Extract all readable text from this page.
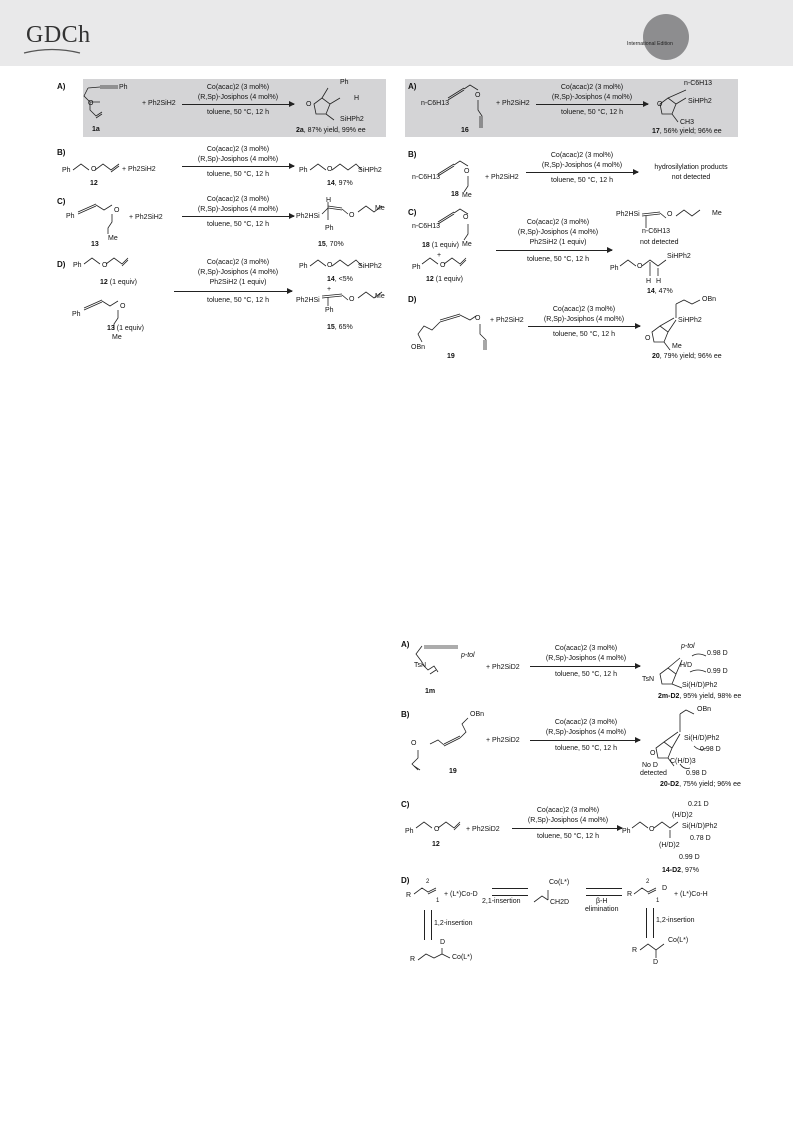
GDCh	International Edition
A)	Ph
O
1a
+ Ph2SiH2
Co(acac)2 (3 mol%)
(R,Sp)-Josiphos (4 mol%)
toluene, 50 °C, 12 h
Ph
H
O
SiHPh2
2a, 87% yield, 99% ee
B)
Ph	O
12
+ Ph2SiH2
Co(acac)2 (3 mol%)
(R,Sp)-Josiphos (4 mol%)
toluene, 50 °C, 12 h
Ph	O	SiHPh2
14, 97%
C)
Ph
O
Me
13
+ Ph2SiH2
Co(acac)2 (3 mol%)
(R,Sp)-Josiphos (4 mol%)
toluene, 50 °C, 12 h
Ph2HSi
H
Ph
O
Me
15, 70%
D) Ph	O
12 (1 equiv)
Ph
O
13 (1 equiv)
Me
Co(acac)2 (3 mol%)
(R,Sp)-Josiphos (4 mol%)
Ph2SiH2 (1 equiv)
toluene, 50 °C, 12 h
Ph	O	SiHPh2
14, <5%
+
Ph2HSi
Ph
O	Me
15, 65%
A)
n-C6H13
O
16
+ Ph2SiH2
Co(acac)2 (3 mol%)
(R,Sp)-Josiphos (4 mol%)
toluene, 50 °C, 12 h
n-C6H13
O	SiHPh2
CH3
17, 56% yield; 96% ee
B)
n-C6H13
O
18 Me
+ Ph2SiH2
Co(acac)2 (3 mol%)
(R,Sp)-Josiphos (4 mol%)
toluene, 50 °C, 12 h
hydrosilylation products
not detected
C)
n-C6H13
O
18 (1 equiv) Me
+
Ph	O
12 (1 equiv)
Co(acac)2 (3 mol%)
(R,Sp)-Josiphos (4 mol%)
Ph2SiH2 (1 equiv)
toluene, 50 °C, 12 h
Ph2HSi	O	Me
n-C6H13
not detected
Ph	O
SiHPh2
H H
14, 47%
D)
O
OBn
19
+ Ph2SiH2
Co(acac)2 (3 mol%)
(R,Sp)-Josiphos (4 mol%)
toluene, 50 °C, 12 h
OBn
O
SiHPh2
Me
20, 79% yield; 96% ee
A)
p-tol
TsN
1m
+ Ph2SiD2
Co(acac)2 (3 mol%)
(R,Sp)-Josiphos (4 mol%)
toluene, 50 °C, 12 h
p-tol
0.98 D
H/D
0.99 D
TsN
Si(H/D)Ph2
2m-D2, 95% yield, 98% ee
B)	OBn
O
19
+ Ph2SiD2
Co(acac)2 (3 mol%)
(R,Sp)-Josiphos (4 mol%)
toluene, 50 °C, 12 h
OBn
O
Si(H/D)Ph2
0.98 D
No D
detected
C(H/D)3
0.98 D
20-D2, 75% yield; 96% ee
C)
Ph	O
12
+ Ph2SiD2
Co(acac)2 (3 mol%)
(R,Sp)-Josiphos (4 mol%)
toluene, 50 °C, 12 h
0.21 D
(H/D)2
Ph	O	Si(H/D)Ph2
0.78 D
(H/D)2
0.99 D
14-D2, 97%
D)
R
2
1
+ (L*)Co-D
2,1-insertion
Co(L*)
CH2D	β-H
elimination
R
2
1
D
+ (L*)Co-H
1,2-insertion	1,2-insertion
D
R	Co(L*)
R
Co(L*)
D
